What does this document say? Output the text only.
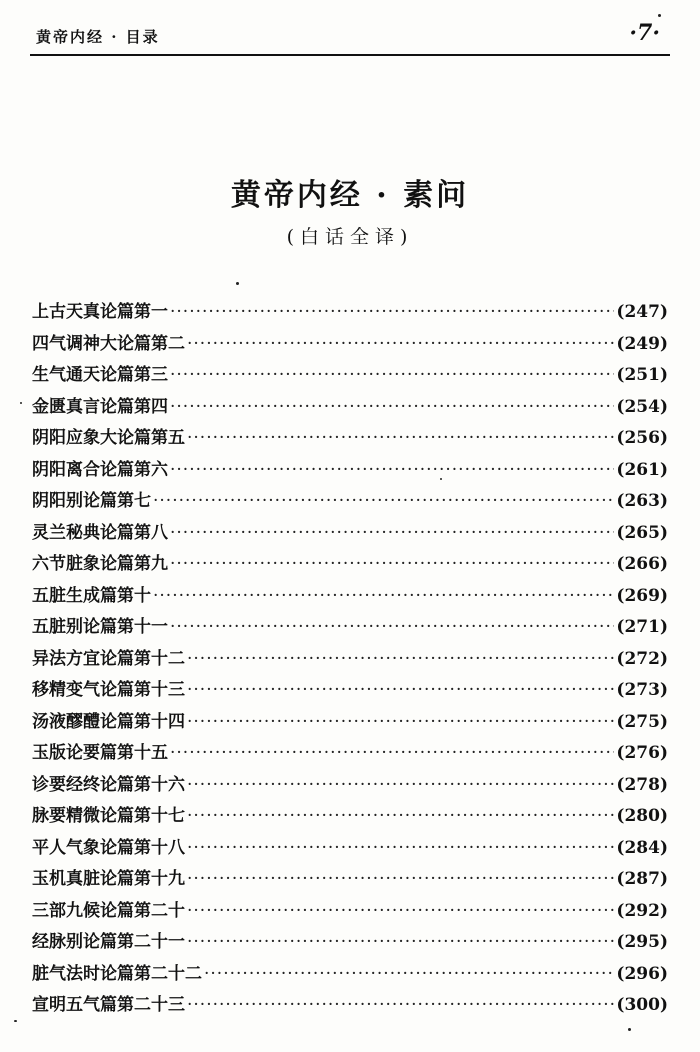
黄帝内经 · 目录	·7·
黄帝内经 · 素问
(白话全译)
上古天真论篇第一 ·····	(247)
四气调神大论篇第二 ·····	(249)
生气通天论篇第三 ·····	(251)
金匮真言论篇第四 ·····	(254)
阴阳应象大论篇第五 ·····	(256)
阴阳离合论篇第六 ·····	(261)
阴阳别论篇第七 ·····	(263)
灵兰秘典论篇第八 ·····	(265)
六节脏象论篇第九 ·····	(266)
五脏生成篇第十 ·····	(269)
五脏别论篇第十一 ·····	(271)
异法方宜论篇第十二 ·····	(272)
移精变气论篇第十三 ·····	(273)
汤液醪醴论篇第十四 ·····	(275)
玉版论要篇第十五 ·····	(276)
诊要经终论篇第十六 ·····	(278)
脉要精微论篇第十七 ·····	(280)
平人气象论篇第十八 ·····	(284)
玉机真脏论篇第十九 ·····	(287)
三部九候论篇第二十 ·····	(292)
经脉别论篇第二十一 ·····	(295)
脏气法时论篇第二十二 ·····	(296)
宣明五气篇第二十三 ·····	(300)
